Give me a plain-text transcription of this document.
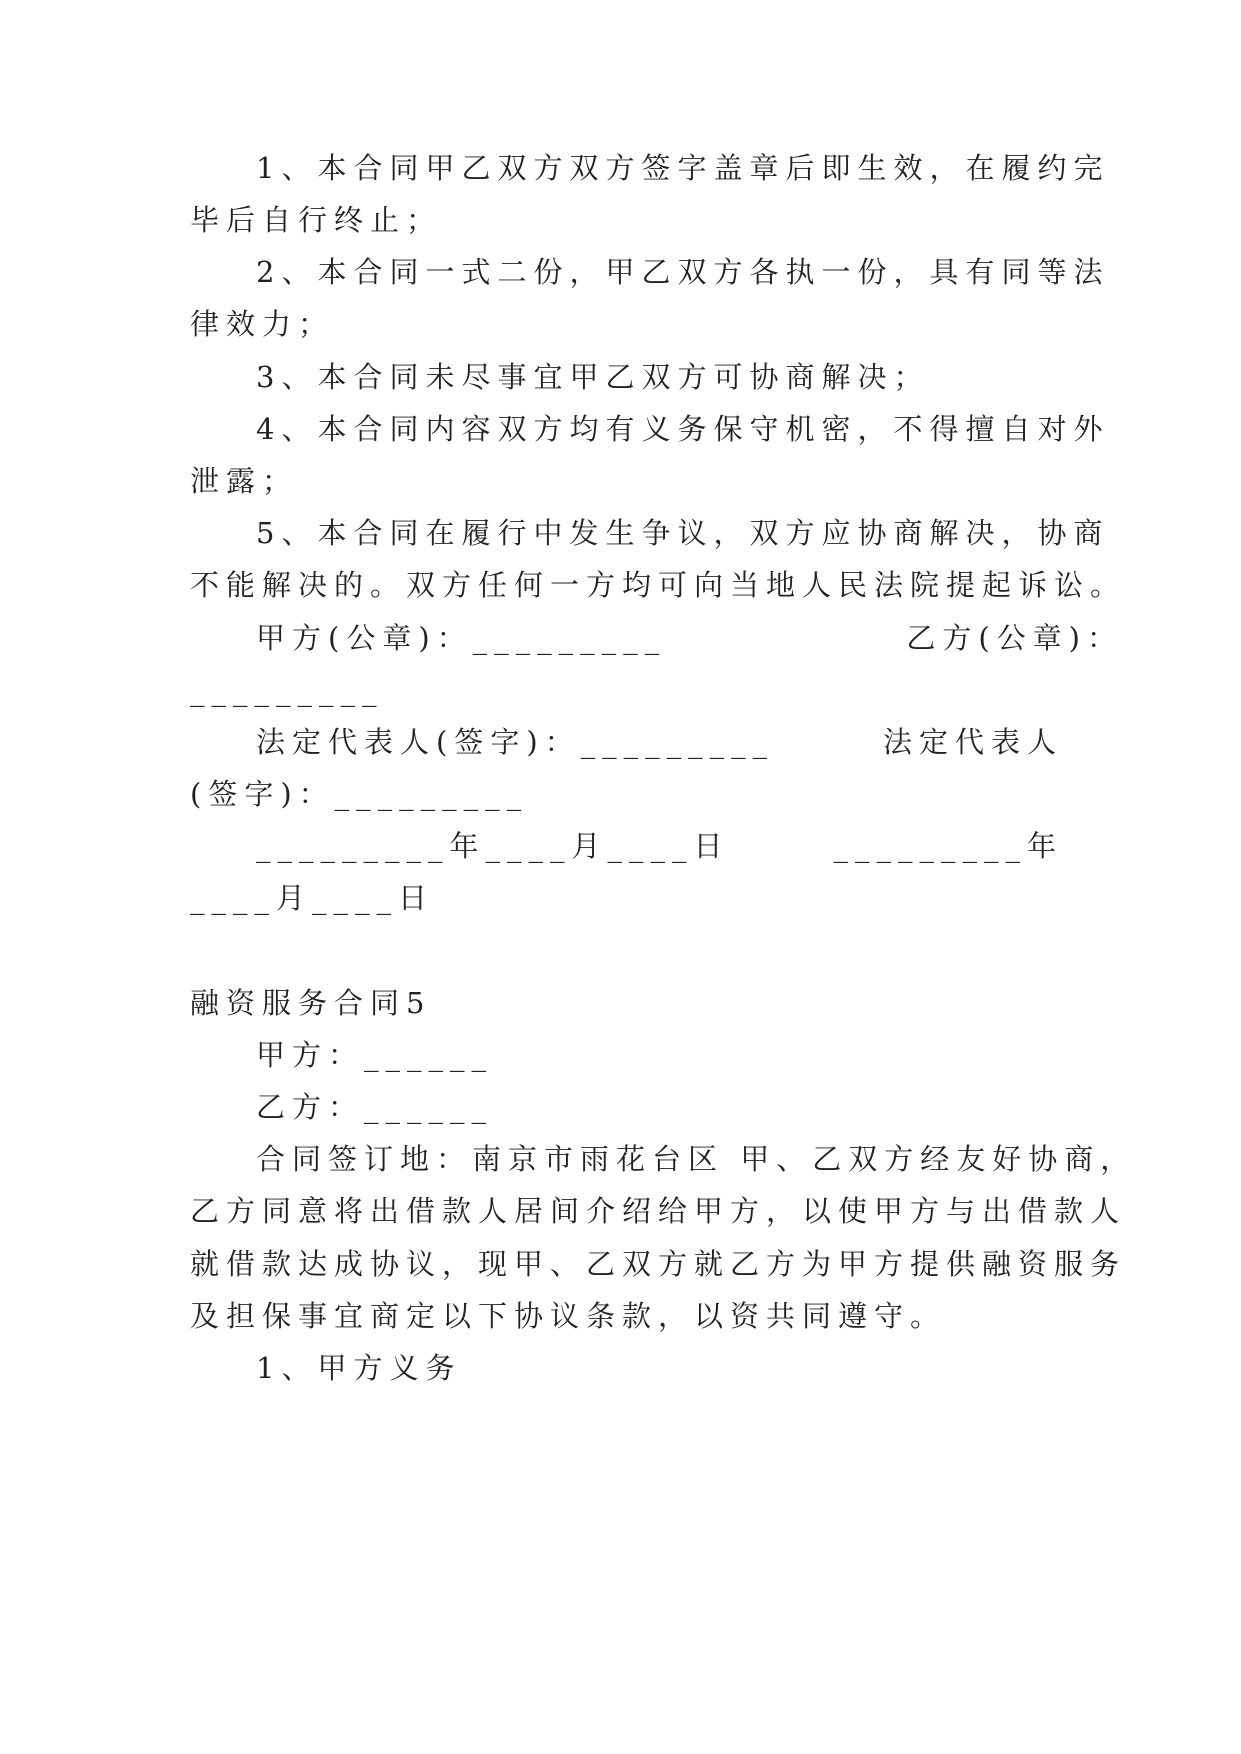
1、本合同甲乙双方双方签字盖章后即生效，在履约完
毕后自行终止；
2、本合同一式二份，甲乙双方各执一份，具有同等法
律效力；
3、本合同未尽事宜甲乙双方可协商解决；
4、本合同内容双方均有义务保守机密，不得擅自对外
泄露；
5、本合同在履行中发生争议，双方应协商解决，协商
不能解决的。双方任何一方均可向当地人民法院提起诉讼。
甲方(公章)：_________	乙方(公章)：
_________
法定代表人(签字)：_________	法定代表人
(签字)：_________
_________年____月____日	_________年
____月____日
融资服务合同5
甲方：______
乙方：______
合同签订地：南京市雨花台区 甲、乙双方经友好协商，
乙方同意将出借款人居间介绍给甲方，以使甲方与出借款人
就借款达成协议，现甲、乙双方就乙方为甲方提供融资服务
及担保事宜商定以下协议条款，以资共同遵守。
1、甲方义务
